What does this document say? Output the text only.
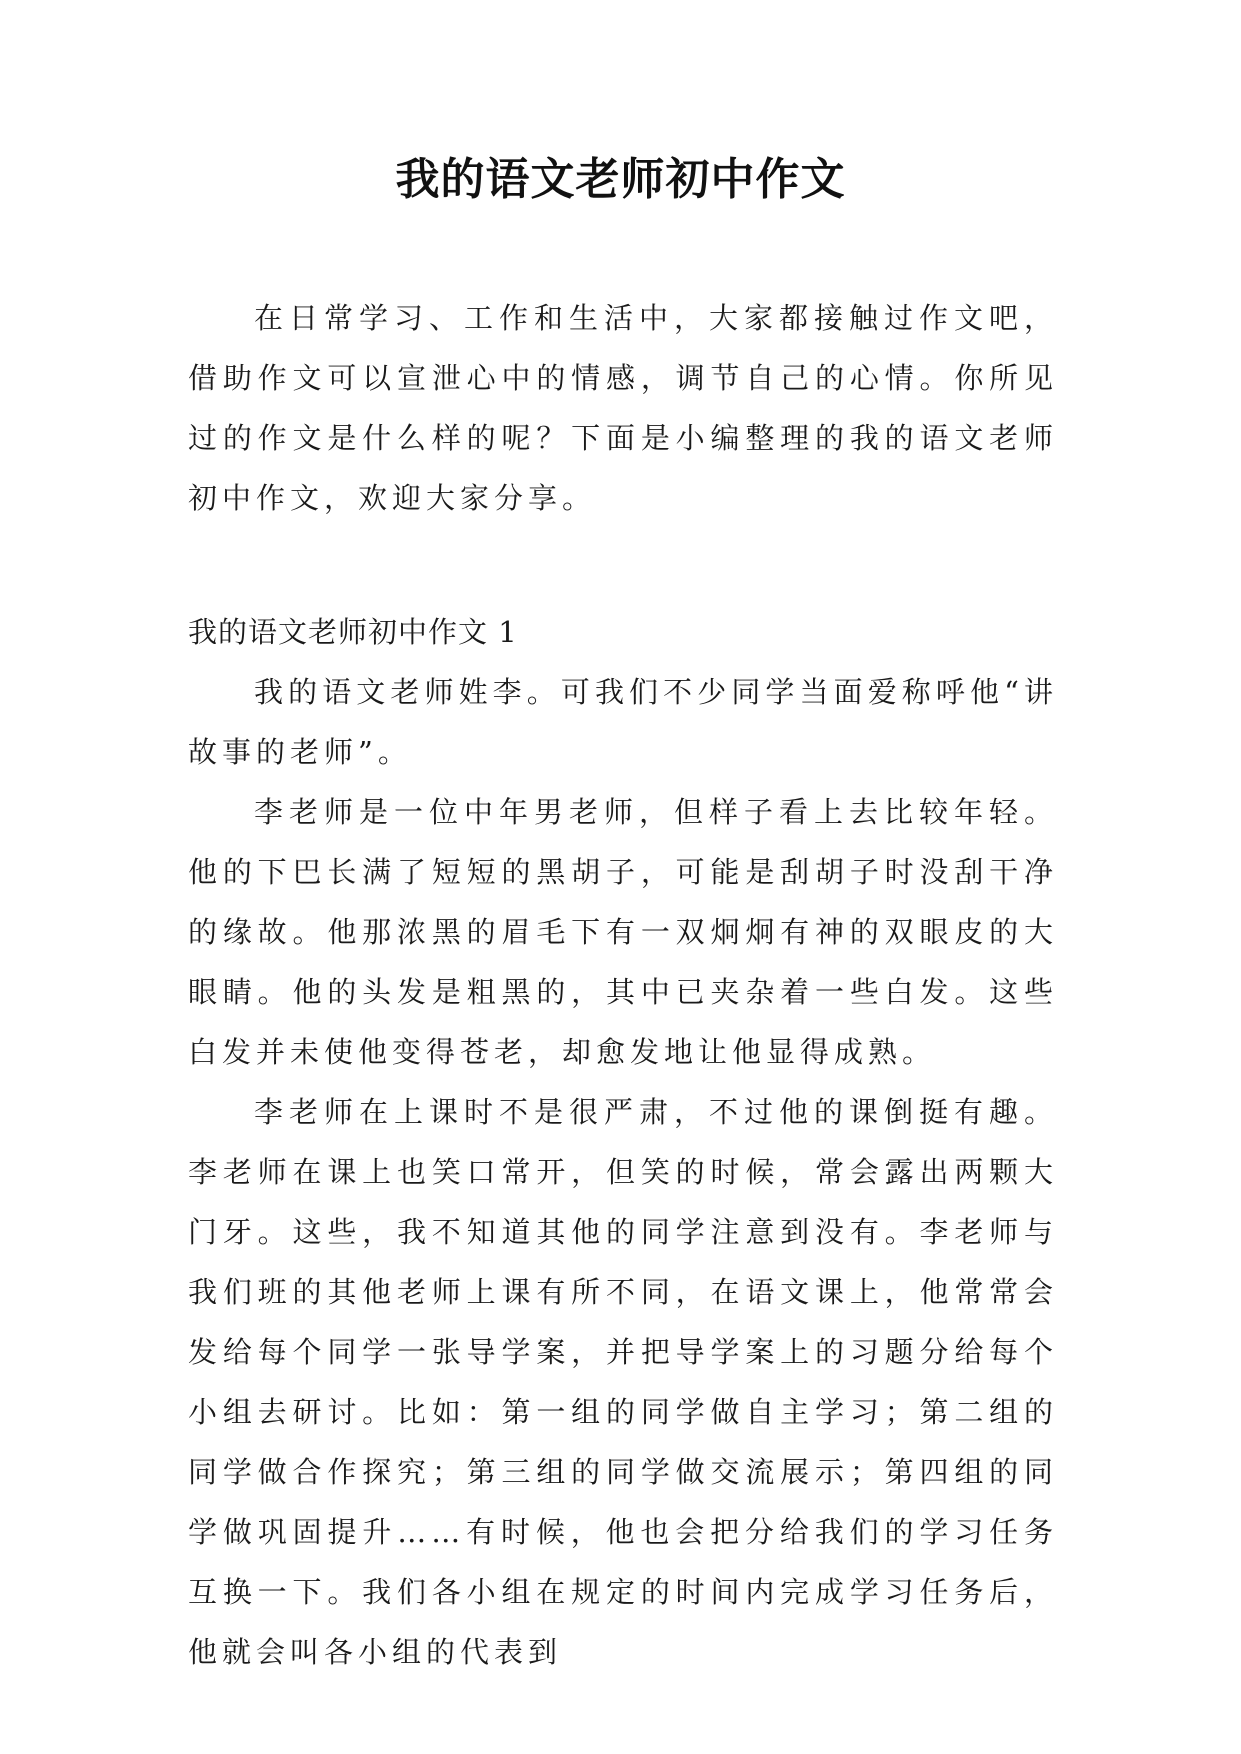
我的语文老师初中作文

在日常学习、工作和生活中，大家都接触过作文吧，借助作文可以宣泄心中的情感，调节自己的心情。你所见过的作文是什么样的呢？下面是小编整理的我的语文老师初中作文，欢迎大家分享。

我的语文老师初中作文 1

我的语文老师姓李。可我们不少同学当面爱称呼他“讲故事的老师”。

李老师是一位中年男老师，但样子看上去比较年轻。他的下巴长满了短短的黑胡子，可能是刮胡子时没刮干净的缘故。他那浓黑的眉毛下有一双炯炯有神的双眼皮的大眼睛。他的头发是粗黑的，其中已夹杂着一些白发。这些白发并未使他变得苍老，却愈发地让他显得成熟。

李老师在上课时不是很严肃，不过他的课倒挺有趣。李老师在课上也笑口常开，但笑的时候，常会露出两颗大门牙。这些，我不知道其他的同学注意到没有。李老师与我们班的其他老师上课有所不同，在语文课上，他常常会发给每个同学一张导学案，并把导学案上的习题分给每个小组去研讨。比如：第一组的同学做自主学习；第二组的同学做合作探究；第三组的同学做交流展示；第四组的同学做巩固提升……有时候，他也会把分给我们的学习任务互换一下。我们各小组在规定的时间内完成学习任务后，他就会叫各小组的代表到
